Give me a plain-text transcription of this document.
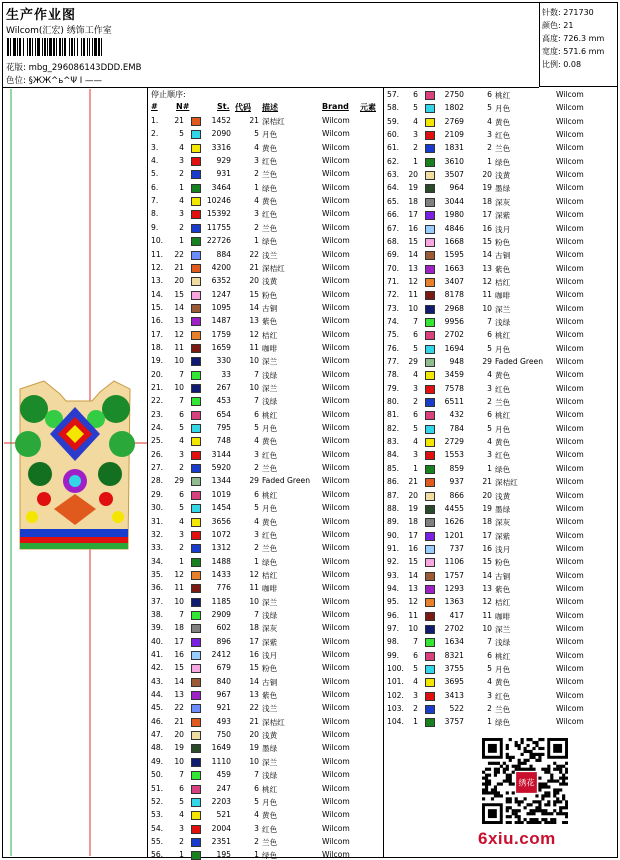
生产作业图
Wilcom(汇宏) 绣饰工作室
花版: mbg_296086143DDD.EMB
色位: §ЖЖ^ь^Ψ Ι ——
针数: 271730
颜色: 21
高度: 726.3 mm
宽度: 571.6 mm
比例: 0.08
停止顺序:
# N#	St. 代码 描述	Brand 元素
1. 21	1452 21 深桔红	Wilcom
2.	5	2090	5 月色	Wilcom
3.	4	3316	4 黄色	Wilcom
4.	3	929	3 红色	Wilcom
5.	2	931	2 兰色	Wilcom
6.	1	3464	1 绿色	Wilcom
7.	4	10246	4 黄色	Wilcom
8.	3	15392	3 红色	Wilcom
9.	2	11755	2 兰色	Wilcom
10. 1	22726	1 绿色	Wilcom
11. 22	884 22 浅兰	Wilcom
12. 21	4200 21 深桔红	Wilcom
13. 20	6352 20 浅黄	Wilcom
14. 15	1247 15 粉色	Wilcom
15. 14	1095 14 古铜	Wilcom
16. 13	1487 13 紫色	Wilcom
17. 12	1759 12 桔红	Wilcom
18. 11	1659 11 咖啡	Wilcom
19. 10	330 10 深兰	Wilcom
20. 7	33	7 浅绿	Wilcom
21. 10	267 10 深兰	Wilcom
22. 7	453	7 浅绿	Wilcom
23. 6	654	6 桃红	Wilcom
24. 5	795	5 月色	Wilcom
25. 4	748	4 黄色	Wilcom
26. 3	3144	3 红色	Wilcom
27. 2	5920	2 兰色	Wilcom
28. 29	1344 29 Faded Green Wilcom
29. 6	1019	6 桃红	Wilcom
30. 5	1454	5 月色	Wilcom
31. 4	3656	4 黄色	Wilcom
32. 3	1072	3 红色	Wilcom
33. 2	1312	2 兰色	Wilcom
34. 1	1488	1 绿色	Wilcom
35. 12	1433 12 桔红	Wilcom
36. 11	776 11 咖啡	Wilcom
37. 10	1185 10 深兰	Wilcom
38. 7	2909	7 浅绿	Wilcom
39. 18	602 18 深灰	Wilcom
40. 17	896 17 深紫	Wilcom
41. 16	2412 16 浅月	Wilcom
42. 15	679 15 粉色	Wilcom
43. 14	840 14 古铜	Wilcom
44. 13	967 13 紫色	Wilcom
45. 22	921 22 浅兰	Wilcom
46. 21	493 21 深桔红	Wilcom
47. 20	750 20 浅黄	Wilcom
48. 19	1649 19 墨绿	Wilcom
49. 10	1110 10 深兰	Wilcom
50. 7	459	7 浅绿	Wilcom
51. 6	247	6 桃红	Wilcom
52. 5	2203	5 月色	Wilcom
53. 4	521	4 黄色	Wilcom
54. 3	2004	3 红色	Wilcom
55. 2	2351	2 兰色	Wilcom
56. 1	195	1 绿色	Wilcom
57. 6	2750	6 桃红	Wilcom
58. 5	1802	5 月色	Wilcom
59. 4	2769	4 黄色	Wilcom
60. 3	2109	3 红色	Wilcom
61. 2	1831	2 兰色	Wilcom
62. 1	3610	1 绿色	Wilcom
63. 20	3507 20 浅黄	Wilcom
64. 19	964 19 墨绿	Wilcom
65. 18	3044 18 深灰	Wilcom
66. 17	1980 17 深紫	Wilcom
67. 16	4846 16 浅月	Wilcom
68. 15	1668 15 粉色	Wilcom
69. 14	1595 14 古铜	Wilcom
70. 13	1663 13 紫色	Wilcom
71. 12	3407 12 桔红	Wilcom
72. 11	8178 11 咖啡	Wilcom
73. 10	2968 10 深兰	Wilcom
74. 7	9956	7 浅绿	Wilcom
75. 6	2702	6 桃红	Wilcom
76. 5	1694	5 月色	Wilcom
77. 29	948 29 Faded Green Wilcom
78. 4	3459	4 黄色	Wilcom
79. 3	7578	3 红色	Wilcom
80. 2	6511	2 兰色	Wilcom
81. 6	432	6 桃红	Wilcom
82. 5	784	5 月色	Wilcom
83. 4	2729	4 黄色	Wilcom
84. 3	1553	3 红色	Wilcom
85. 1	859	1 绿色	Wilcom
86. 21	937 21 深桔红	Wilcom
87. 20	866 20 浅黄	Wilcom
88. 19	4455 19 墨绿	Wilcom
89. 18	1626 18 深灰	Wilcom
90. 17	1201 17 深紫	Wilcom
91. 16	737 16 浅月	Wilcom
92. 15	1106 15 粉色	Wilcom
93. 14	1757 14 古铜	Wilcom
94. 13	1293 13 紫色	Wilcom
95. 12	1363 12 桔红	Wilcom
96. 11	417 11 咖啡	Wilcom
97. 10	2702 10 深兰	Wilcom
98. 7	1634	7 浅绿	Wilcom
99. 6	8321	6 桃红	Wilcom
100. 5	3755	5 月色	Wilcom
101. 4	3695	4 黄色	Wilcom
102. 3	3413	3 红色	Wilcom
103. 2	522	2 兰色	Wilcom
104. 1	3757	1 绿色	Wilcom
绣花
6xiu.com
